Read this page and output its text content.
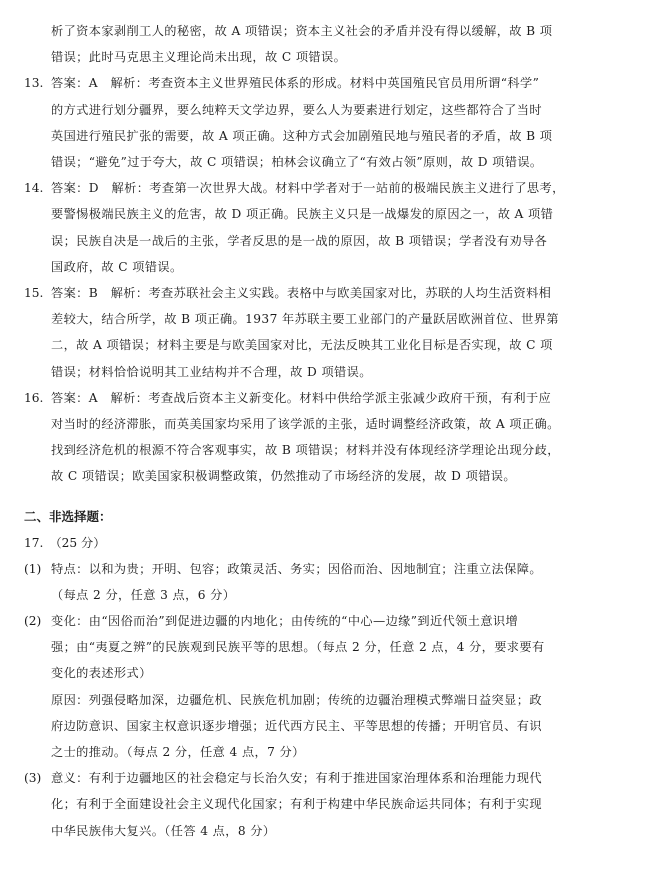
析了资本家剥削工人的秘密，故 A 项错误；资本主义社会的矛盾并没有得以缓解，故 B 项
错误；此时马克思主义理论尚未出现，故 C 项错误。
13. 答案：A　解析：考查资本主义世界殖民体系的形成。材料中英国殖民官员用所谓“科学”
的方式进行划分疆界，要么纯粹天文学边界，要么人为要素进行划定，这些都符合了当时
英国进行殖民扩张的需要，故 A 项正确。这种方式会加剧殖民地与殖民者的矛盾，故 B 项
错误；“避免”过于夸大，故 C 项错误；柏林会议确立了“有效占领”原则，故 D 项错误。
14. 答案：D　解析：考查第一次世界大战。材料中学者对于一站前的极端民族主义进行了思考，
要警惕极端民族主义的危害，故 D 项正确。民族主义只是一战爆发的原因之一，故 A 项错
误；民族自决是一战后的主张，学者反思的是一战的原因，故 B 项错误；学者没有劝导各
国政府，故 C 项错误。
15. 答案：B　解析：考查苏联社会主义实践。表格中与欧美国家对比，苏联的人均生活资料相
差较大，结合所学，故 B 项正确。1937 年苏联主要工业部门的产量跃居欧洲首位、世界第
二，故 A 项错误；材料主要是与欧美国家对比，无法反映其工业化目标是否实现，故 C 项
错误；材料恰恰说明其工业结构并不合理，故 D 项错误。
16. 答案：A　解析：考查战后资本主义新变化。材料中供给学派主张减少政府干预，有利于应
对当时的经济滞胀，而英美国家均采用了该学派的主张，适时调整经济政策，故 A 项正确。
找到经济危机的根源不符合客观事实，故 B 项错误；材料并没有体现经济学理论出现分歧，
故 C 项错误；欧美国家积极调整政策，仍然推动了市场经济的发展，故 D 项错误。
二、非选择题：
17.　（25 分）
(1) 特点：以和为贵；开明、包容；政策灵活、务实；因俗而治、因地制宜；注重立法保障。
（每点 2 分，任意 3 点，6 分）
(2) 变化：由“因俗而治”到促进边疆的内地化；由传统的“中心—边缘”到近代领土意识增
强；由“夷夏之辨”的民族观到民族平等的思想。（每点 2 分，任意 2 点，4 分，要求要有
变化的表述形式）
原因：列强侵略加深，边疆危机、民族危机加剧；传统的边疆治理模式弊端日益突显；政
府边防意识、国家主权意识逐步增强；近代西方民主、平等思想的传播；开明官员、有识
之士的推动。（每点 2 分，任意 4 点，7 分）
(3) 意义：有利于边疆地区的社会稳定与长治久安；有利于推进国家治理体系和治理能力现代
化；有利于全面建设社会主义现代化国家；有利于构建中华民族命运共同体；有利于实现
中华民族伟大复兴。（任答 4 点，8 分）
